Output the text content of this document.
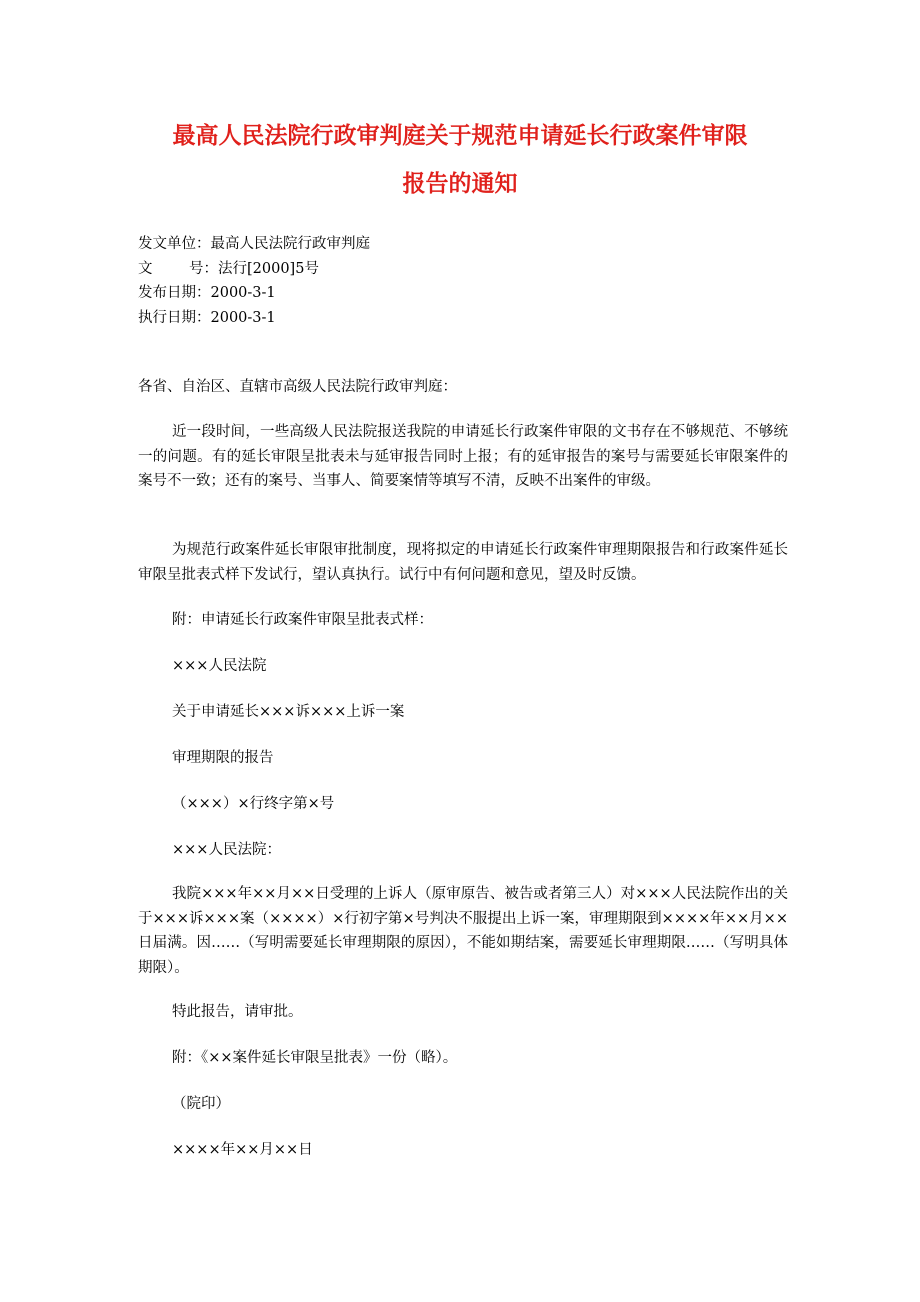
最高人民法院行政审判庭关于规范申请延长行政案件审限
报告的通知
发文单位：最高人民法院行政审判庭
文	号： 法行[2000]5号
发布日期：2000-3-1
执行日期：2000-3-1

各省、自治区、直辖市高级人民法院行政审判庭：

近一段时间，一些高级人民法院报送我院的申请延长行政案件审限的文书存在不够规范、不够统一的问题。有的延长审限呈批表未与延审报告同时上报；有的延审报告的案号与需要延长审限案件的案号不一致；还有的案号、当事人、简要案情等填写不清，反映不出案件的审级。

为规范行政案件延长审限审批制度，现将拟定的申请延长行政案件审理期限报告和行政案件延长审限呈批表式样下发试行，望认真执行。试行中有何问题和意见，望及时反馈。

附：申请延长行政案件审限呈批表式样：

×××人民法院

关于申请延长×××诉×××上诉一案

审理期限的报告

（×××）×行终字第×号

×××人民法院：

我院×××年××月××日受理的上诉人（原审原告、被告或者第三人）对×××人民法院作出的关于×××诉×××案（××××）×行初字第×号判决不服提出上诉一案，审理期限到××××年××月××日届满。因……（写明需要延长审理期限的原因），不能如期结案，需要延长审理期限……（写明具体期限）。

特此报告，请审批。

附：《××案件延长审限呈批表》一份（略）。

（院印）

××××年××月××日
